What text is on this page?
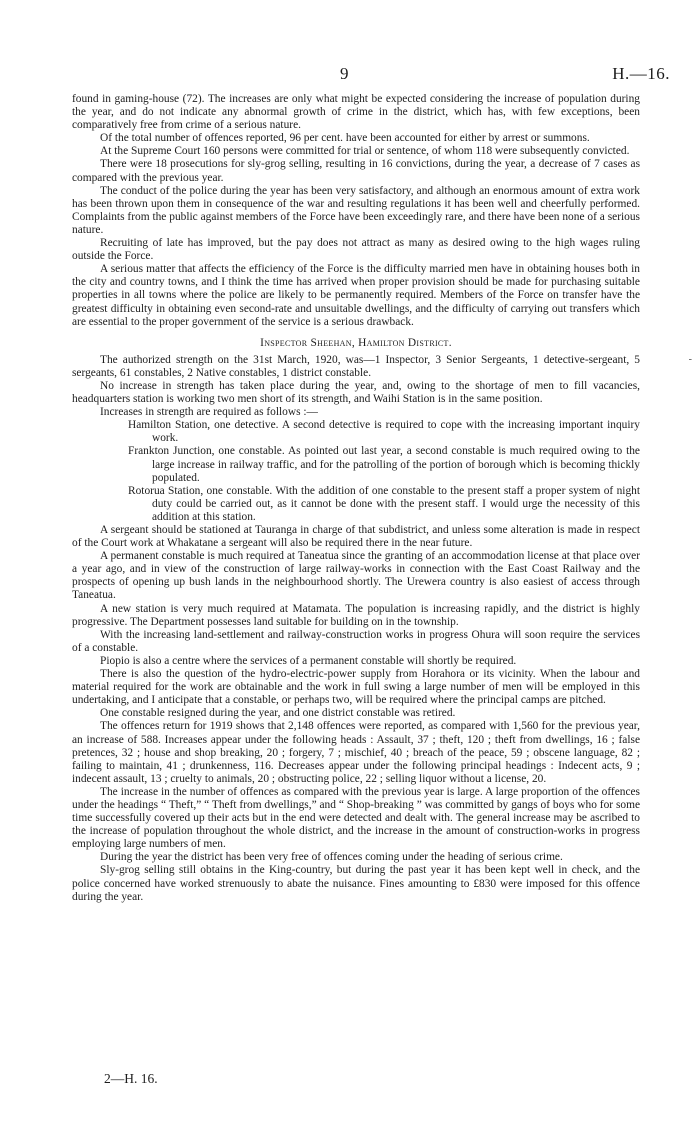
9	H.—16.
-

found in gaming-house (72). The increases are only what might be expected considering the increase of population during the year, and do not indicate any abnormal growth of crime in the district, which has, with few exceptions, been comparatively free from crime of a serious nature.

Of the total number of offences reported, 96 per cent. have been accounted for either by arrest or summons.

At the Supreme Court 160 persons were committed for trial or sentence, of whom 118 were subsequently convicted.

There were 18 prosecutions for sly-grog selling, resulting in 16 convictions, during the year, a decrease of 7 cases as compared with the previous year.

The conduct of the police during the year has been very satisfactory, and although an enormous amount of extra work has been thrown upon them in consequence of the war and resulting regulations it has been well and cheerfully performed. Complaints from the public against members of the Force have been exceedingly rare, and there have been none of a serious nature.

Recruiting of late has improved, but the pay does not attract as many as desired owing to the high wages ruling outside the Force.

A serious matter that affects the efficiency of the Force is the difficulty married men have in obtaining houses both in the city and country towns, and I think the time has arrived when proper provision should be made for purchasing suitable properties in all towns where the police are likely to be permanently required. Members of the Force on transfer have the greatest difficulty in obtaining even second-rate and unsuitable dwellings, and the difficulty of carrying out transfers which are essential to the proper government of the service is a serious drawback.

Inspector Sheehan, Hamilton District.

The authorized strength on the 31st March, 1920, was—1 Inspector, 3 Senior Sergeants, 1 detective-sergeant, 5 sergeants, 61 constables, 2 Native constables, 1 district constable.

No increase in strength has taken place during the year, and, owing to the shortage of men to fill vacancies, headquarters station is working two men short of its strength, and Waihi Station is in the same position.

Increases in strength are required as follows :—

Hamilton Station, one detective. A second detective is required to cope with the increasing important inquiry work.
Frankton Junction, one constable. As pointed out last year, a second constable is much required owing to the large increase in railway traffic, and for the patrolling of the portion of borough which is becoming thickly populated.
Rotorua Station, one constable. With the addition of one constable to the present staff a proper system of night duty could be carried out, as it cannot be done with the present staff. I would urge the necessity of this addition at this station.

A sergeant should be stationed at Tauranga in charge of that subdistrict, and unless some alteration is made in respect of the Court work at Whakatane a sergeant will also be required there in the near future.

A permanent constable is much required at Taneatua since the granting of an accommodation license at that place over a year ago, and in view of the construction of large railway-works in connection with the East Coast Railway and the prospects of opening up bush lands in the neighbourhood shortly. The Urewera country is also easiest of access through Taneatua.

A new station is very much required at Matamata. The population is increasing rapidly, and the district is highly progressive. The Department possesses land suitable for building on in the township.

With the increasing land-settlement and railway-construction works in progress Ohura will soon require the services of a constable.

Piopio is also a centre where the services of a permanent constable will shortly be required.

There is also the question of the hydro-electric-power supply from Horahora or its vicinity. When the labour and material required for the work are obtainable and the work in full swing a large number of men will be employed in this undertaking, and I anticipate that a constable, or perhaps two, will be required where the principal camps are pitched.

One constable resigned during the year, and one district constable was retired.

The offences return for 1919 shows that 2,148 offences were reported, as compared with 1,560 for the previous year, an increase of 588. Increases appear under the following heads : Assault, 37 ; theft, 120 ; theft from dwellings, 16 ; false pretences, 32 ; house and shop breaking, 20 ; forgery, 7 ; mischief, 40 ; breach of the peace, 59 ; obscene language, 82 ; failing to maintain, 41 ; drunkenness, 116. Decreases appear under the following principal headings : Indecent acts, 9 ; indecent assault, 13 ; cruelty to animals, 20 ; obstructing police, 22 ; selling liquor without a license, 20.

The increase in the number of offences as compared with the previous year is large. A large proportion of the offences under the headings “ Theft,” “ Theft from dwellings,” and “ Shop-breaking ” was committed by gangs of boys who for some time successfully covered up their acts but in the end were detected and dealt with. The general increase may be ascribed to the increase of population throughout the whole district, and the increase in the amount of construction-works in progress employing large numbers of men.

During the year the district has been very free of offences coming under the heading of serious crime.

Sly-grog selling still obtains in the King-country, but during the past year it has been kept well in check, and the police concerned have worked strenuously to abate the nuisance. Fines amounting to £830 were imposed for this offence during the year.

2—H. 16.
